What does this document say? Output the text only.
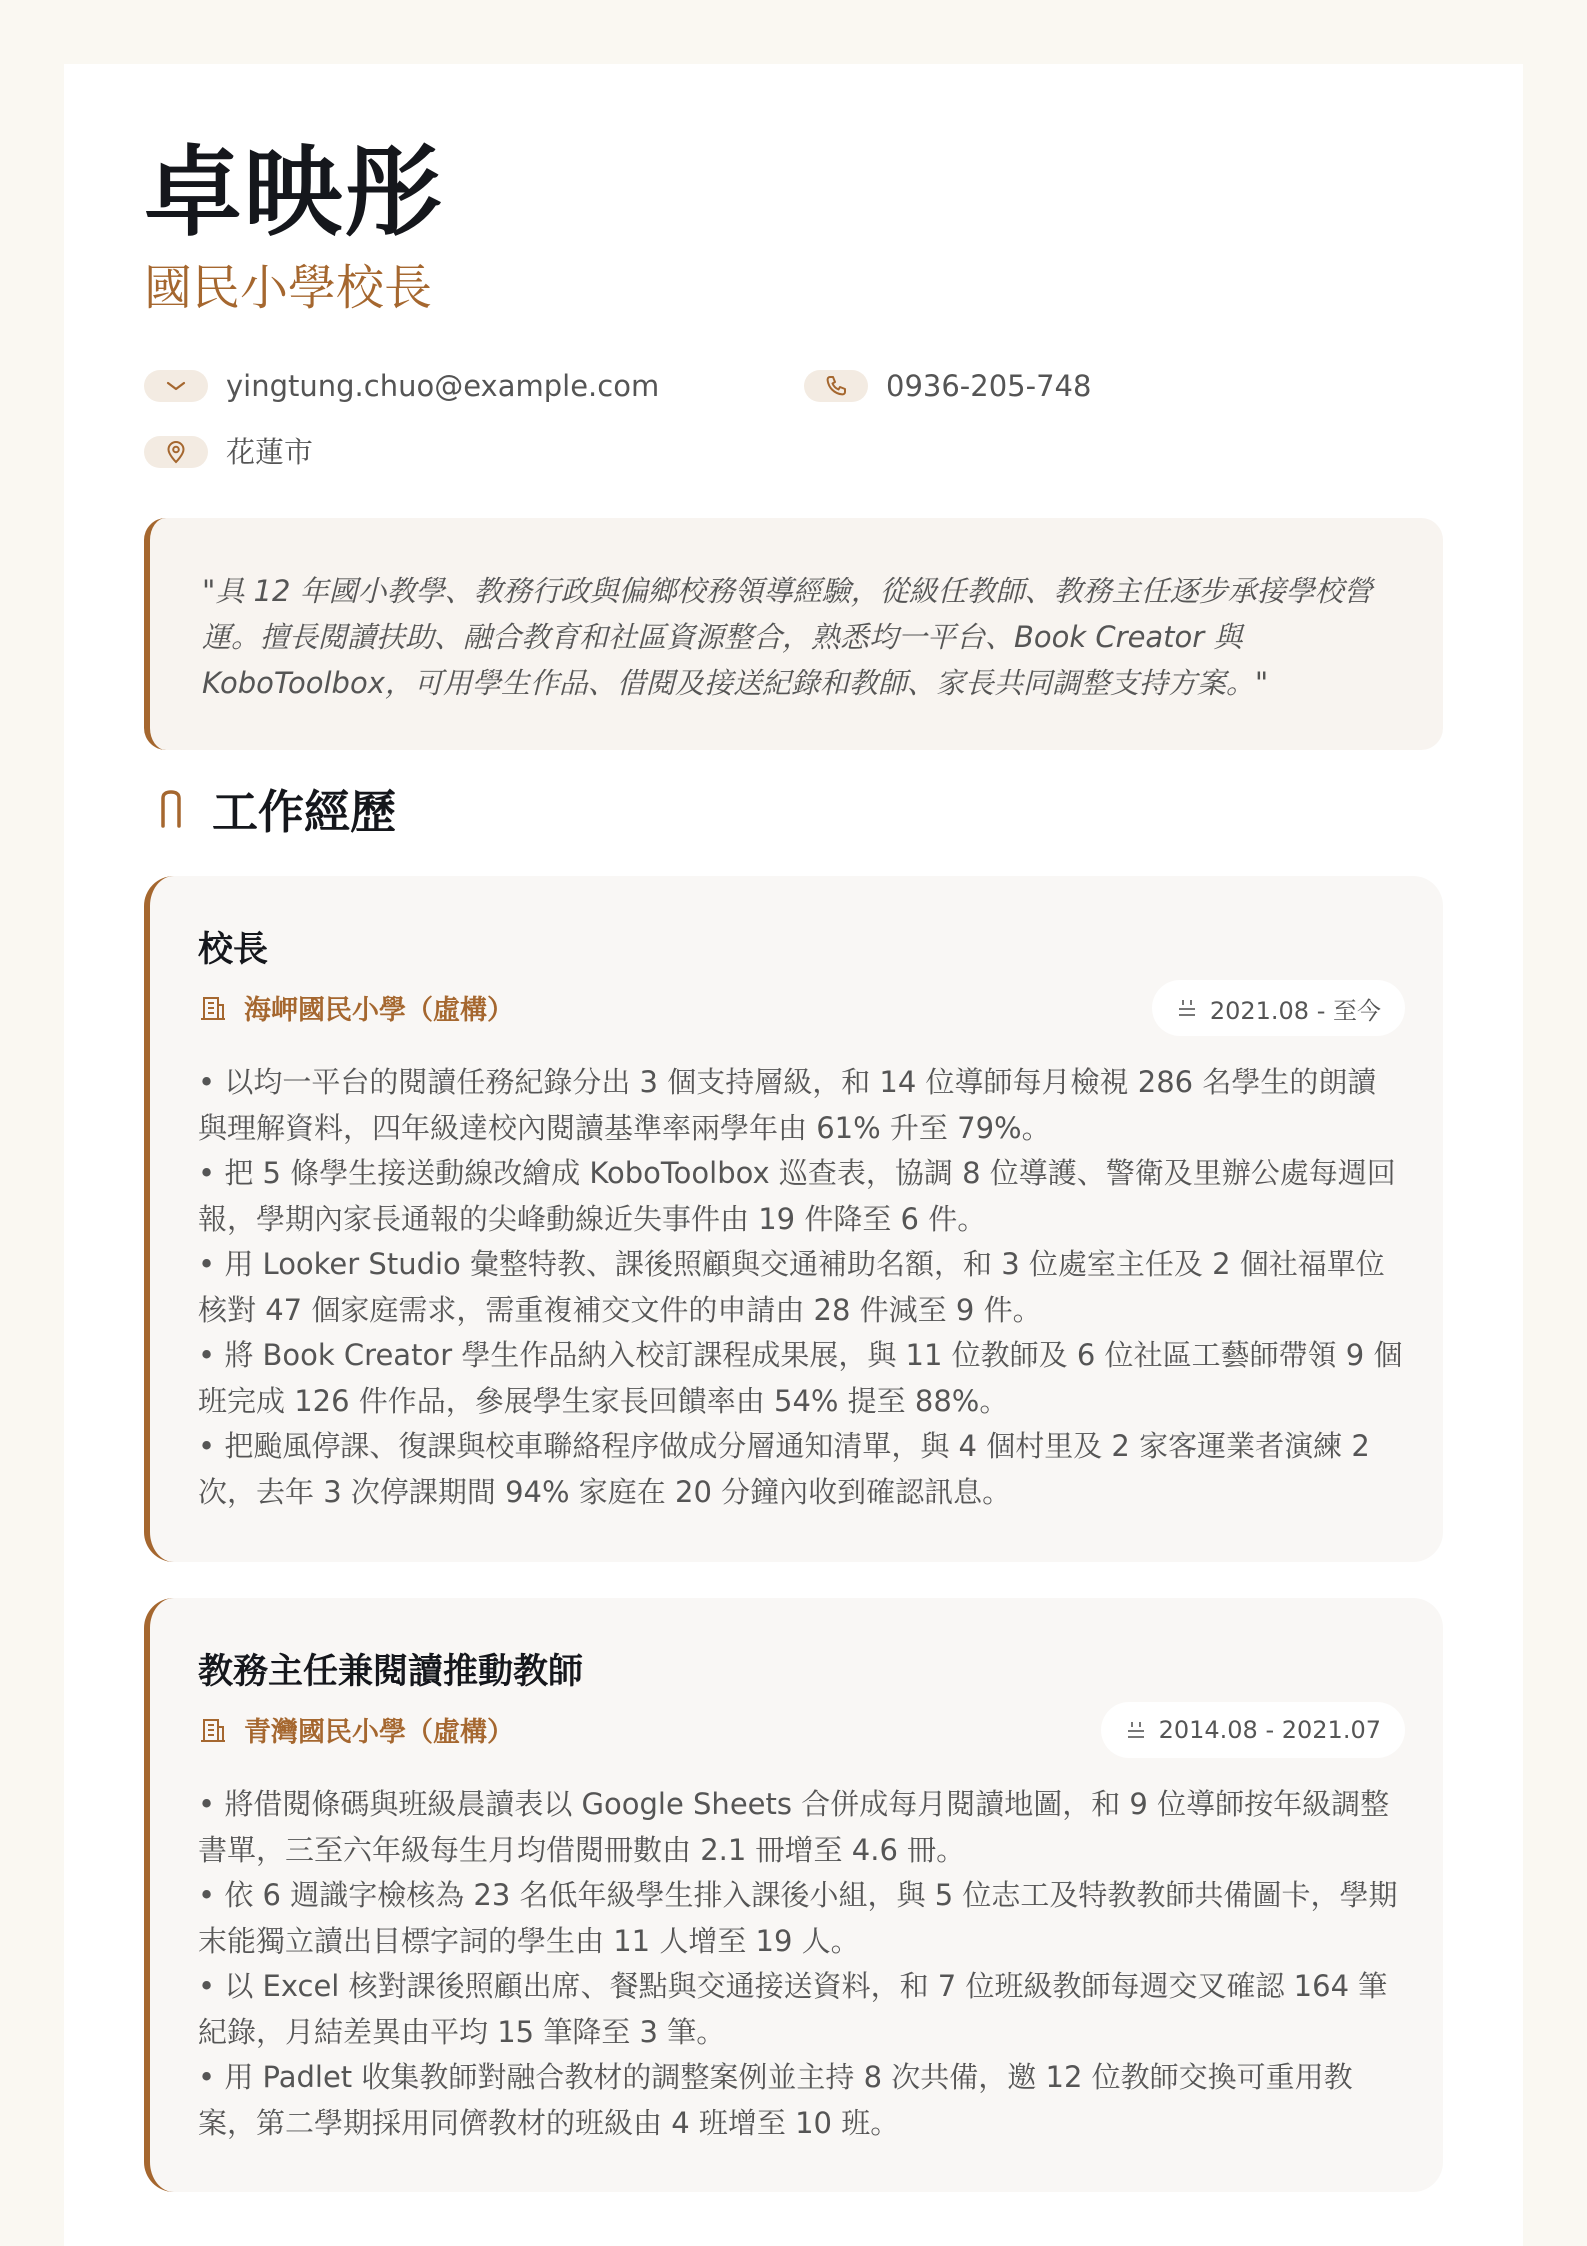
卓映彤
國民小學校長
yingtung.chuo@example.com	0936-205-748
花蓮市
"具 12 年國小教學、教務行政與偏鄉校務領導經驗，從級任教師、教務主任逐步承接學校營運。擅長閱讀扶助、融合教育和社區資源整合，熟悉均一平台、Book Creator 與 KoboToolbox，可用學生作品、借閱及接送紀錄和教師、家長共同調整支持方案。"
工作經歷
校長
海岬國民小學（虛構）	2021.08 - 至今
• 以均一平台的閱讀任務紀錄分出 3 個支持層級，和 14 位導師每月檢視 286 名學生的朗讀與理解資料，四年級達校內閱讀基準率兩學年由 61% 升至 79%。
• 把 5 條學生接送動線改繪成 KoboToolbox 巡查表，協調 8 位導護、警衛及里辦公處每週回報，學期內家長通報的尖峰動線近失事件由 19 件降至 6 件。
• 用 Looker Studio 彙整特教、課後照顧與交通補助名額，和 3 位處室主任及 2 個社福單位核對 47 個家庭需求，需重複補交文件的申請由 28 件減至 9 件。
• 將 Book Creator 學生作品納入校訂課程成果展，與 11 位教師及 6 位社區工藝師帶領 9 個班完成 126 件作品，參展學生家長回饋率由 54% 提至 88%。
• 把颱風停課、復課與校車聯絡程序做成分層通知清單，與 4 個村里及 2 家客運業者演練 2 次，去年 3 次停課期間 94% 家庭在 20 分鐘內收到確認訊息。
教務主任兼閱讀推動教師
青灣國民小學（虛構）	2014.08 - 2021.07
• 將借閱條碼與班級晨讀表以 Google Sheets 合併成每月閱讀地圖，和 9 位導師按年級調整書單，三至六年級每生月均借閱冊數由 2.1 冊增至 4.6 冊。
• 依 6 週識字檢核為 23 名低年級學生排入課後小組，與 5 位志工及特教教師共備圖卡，學期末能獨立讀出目標字詞的學生由 11 人增至 19 人。
• 以 Excel 核對課後照顧出席、餐點與交通接送資料，和 7 位班級教師每週交叉確認 164 筆紀錄，月結差異由平均 15 筆降至 3 筆。
• 用 Padlet 收集教師對融合教材的調整案例並主持 8 次共備，邀 12 位教師交換可重用教案，第二學期採用同儕教材的班級由 4 班增至 10 班。
